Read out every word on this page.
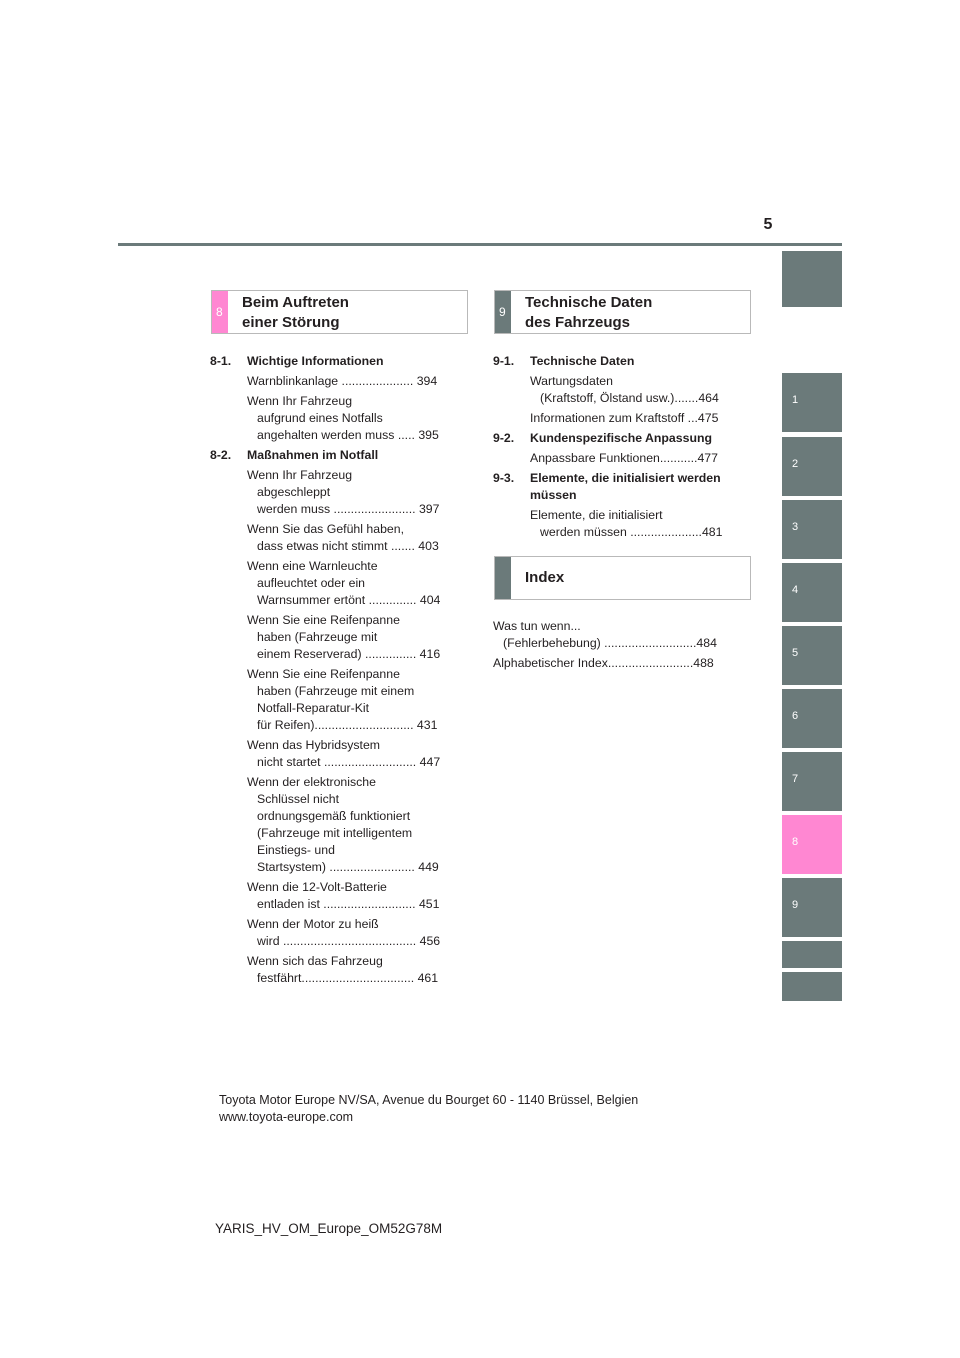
5
1
2
3
4
5
6
7
8
9
8
Beim Auftreten
einer Störung
9
Technische Daten
des Fahrzeugs
8-1. Wichtige Informationen
Warnblinkanlage ..................... 394
Wenn Ihr Fahrzeug
aufgrund eines Notfalls
angehalten werden muss ..... 395
8-2. Maßnahmen im Notfall
Wenn Ihr Fahrzeug
abgeschleppt
werden muss ........................ 397
Wenn Sie das Gefühl haben,
dass etwas nicht stimmt ....... 403
Wenn eine Warnleuchte
aufleuchtet oder ein
Warnsummer ertönt .............. 404
Wenn Sie eine Reifenpanne
haben (Fahrzeuge mit
einem Reserverad) ............... 416
Wenn Sie eine Reifenpanne
haben (Fahrzeuge mit einem
Notfall-Reparatur-Kit
für Reifen)............................. 431
Wenn das Hybridsystem
nicht startet ........................... 447
Wenn der elektronische
Schlüssel nicht
ordnungsgemäß funktioniert
(Fahrzeuge mit intelligentem
Einstiegs- und
Startsystem) ......................... 449
Wenn die 12-Volt-Batterie
entladen ist ........................... 451
Wenn der Motor zu heiß
wird ....................................... 456
Wenn sich das Fahrzeug
festfährt................................. 461
9-1. Technische Daten
Wartungsdaten
(Kraftstoff, Ölstand usw.).......464
Informationen zum Kraftstoff ...475
9-2. Kundenspezifische Anpassung
Anpassbare Funktionen...........477
9-3. Elemente, die initialisiert werden müssen
Elemente, die initialisiert
werden müssen .....................481
Index
Was tun wenn...
(Fehlerbehebung) ...........................484
Alphabetischer Index.........................488
Toyota Motor Europe NV/SA, Avenue du Bourget 60 - 1140 Brüssel, Belgien
www.toyota-europe.com
YARIS_HV_OM_Europe_OM52G78M
